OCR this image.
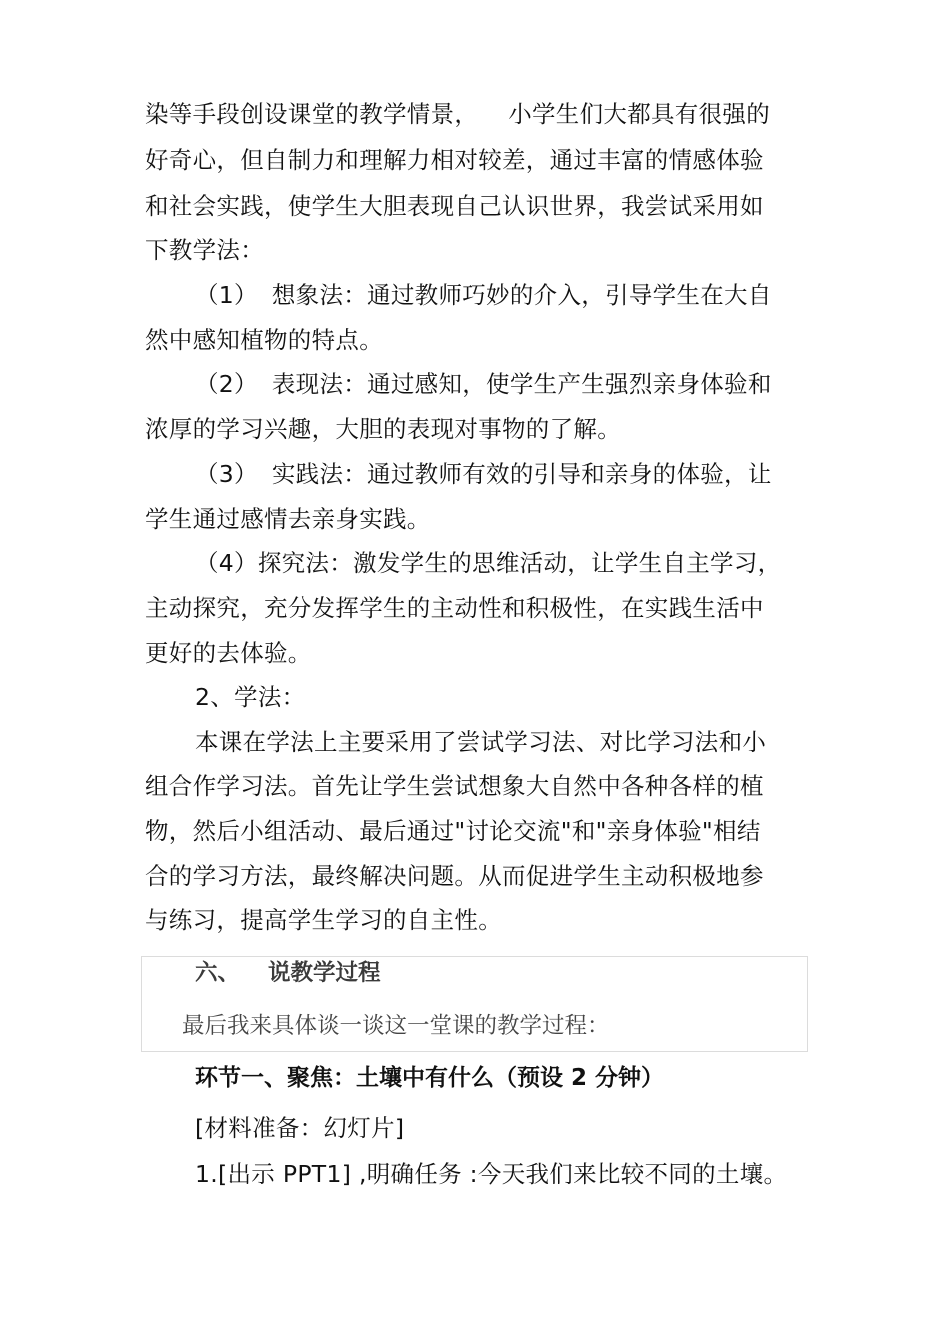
染等手段创设课堂的教学情景， 小学生们大都具有很强的
好奇心，但自制力和理解力相对较差，通过丰富的情感体验
和社会实践，使学生大胆表现自己认识世界，我尝试采用如
下教学法：
（1） 想象法：通过教师巧妙的介入，引导学生在大自
然中感知植物的特点。
（2） 表现法：通过感知，使学生产生强烈亲身体验和
浓厚的学习兴趣，大胆的表现对事物的了解。
（3） 实践法：通过教师有效的引导和亲身的体验，让
学生通过感情去亲身实践。
（4）探究法：激发学生的思维活动，让学生自主学习，
主动探究，充分发挥学生的主动性和积极性，在实践生活中
更好的去体验。
2、学法：
本课在学法上主要采用了尝试学习法、对比学习法和小
组合作学习法。首先让学生尝试想象大自然中各种各样的植
物，然后小组活动、最后通过"讨论交流"和"亲身体验"相结
合的学习方法，最终解决问题。从而促进学生主动积极地参
与练习，提高学生学习的自主性。
六、 说教学过程
最后我来具体谈一谈这一堂课的教学过程：
环节一、聚焦：土壤中有什么（预设 2 分钟）
[材料准备：幻灯片]
1.[出示 PPT1] ,明确任务 :今天我们来比较不同的土壤。
